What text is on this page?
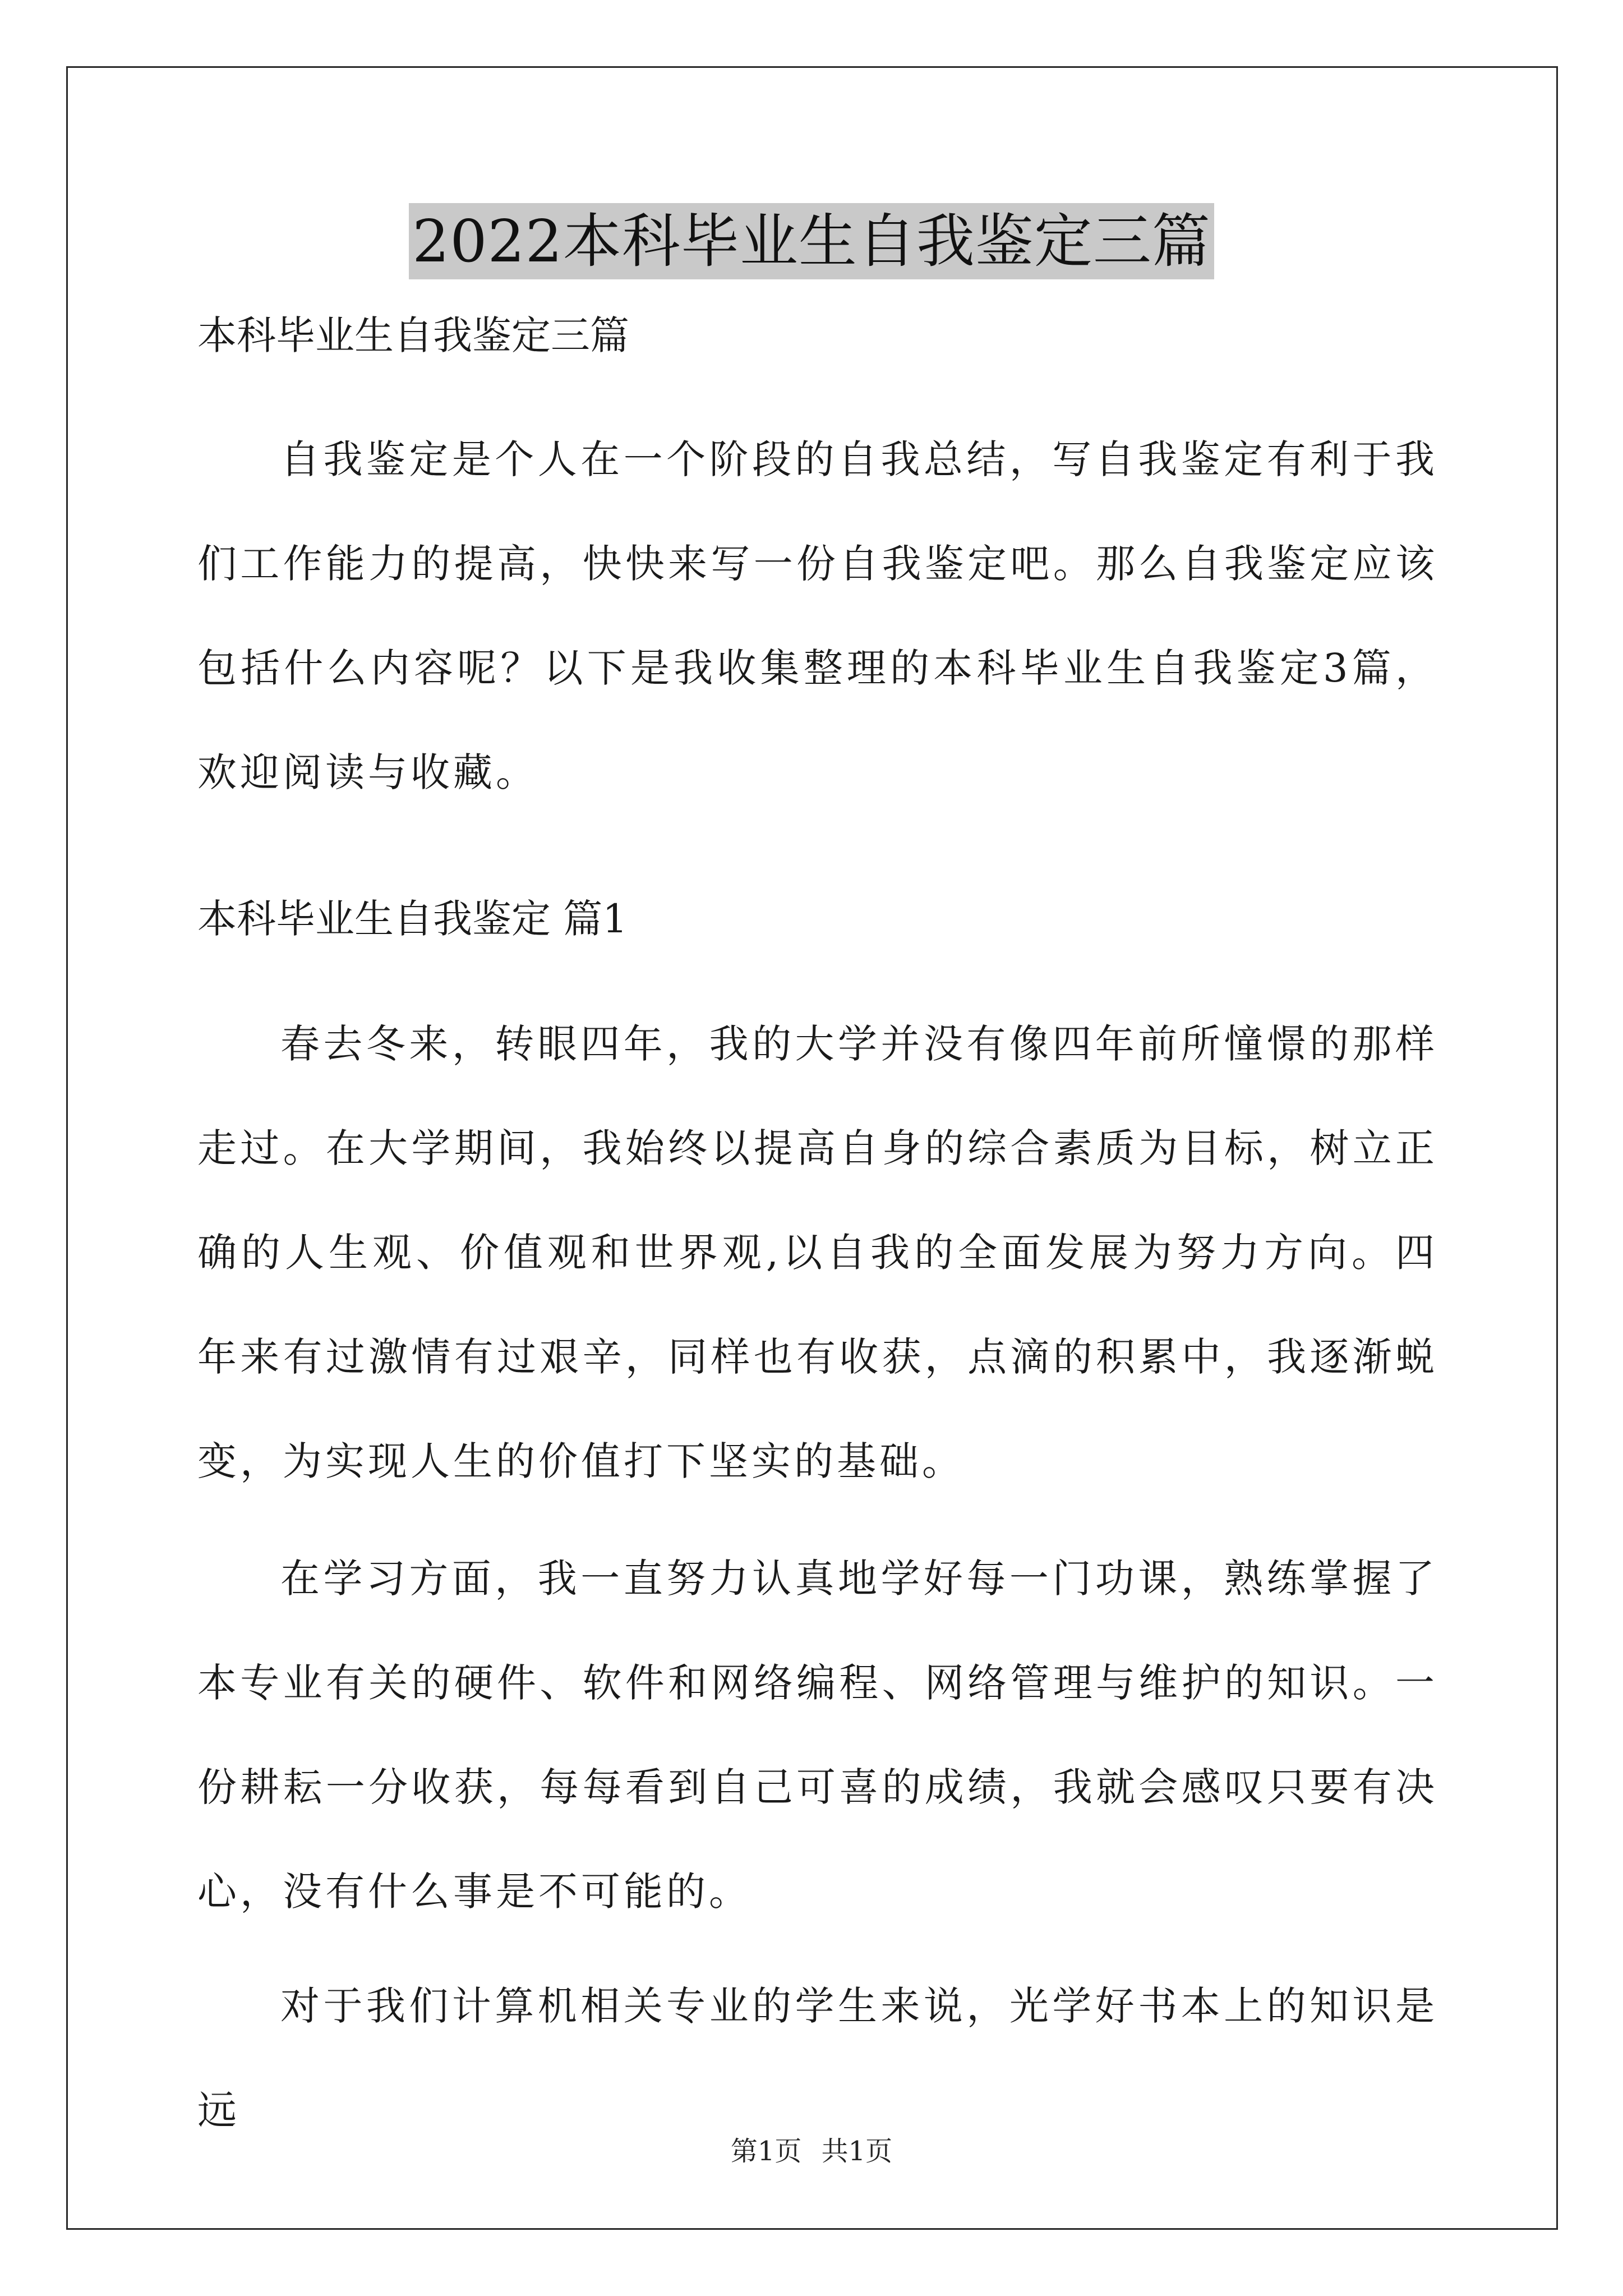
2022本科毕业生自我鉴定三篇
本科毕业生自我鉴定三篇

自我鉴定是个人在一个阶段的自我总结，写自我鉴定有利于我们工作能力的提高，快快来写一份自我鉴定吧。那么自我鉴定应该包括什么内容呢？以下是我收集整理的本科毕业生自我鉴定3篇，欢迎阅读与收藏。

本科毕业生自我鉴定 篇1

春去冬来，转眼四年，我的大学并没有像四年前所憧憬的那样走过。在大学期间，我始终以提高自身的综合素质为目标，树立正确的人生观、价值观和世界观,以自我的全面发展为努力方向。四年来有过激情有过艰辛，同样也有收获，点滴的积累中，我逐渐蜕变，为实现人生的价值打下坚实的基础。

在学习方面，我一直努力认真地学好每一门功课，熟练掌握了本专业有关的硬件、软件和网络编程、网络管理与维护的知识。一份耕耘一分收获，每每看到自己可喜的成绩，我就会感叹只要有决心，没有什么事是不可能的。

对于我们计算机相关专业的学生来说，光学好书本上的知识是远

第1页 共1页
